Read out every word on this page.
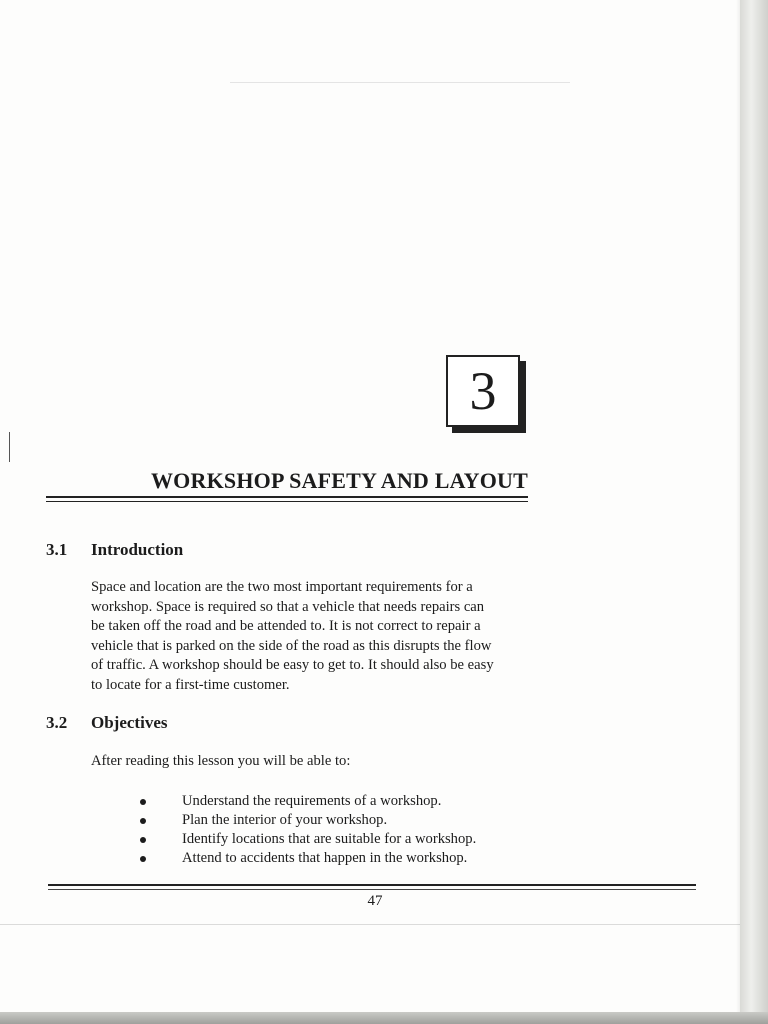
3
WORKSHOP SAFETY AND LAYOUT
3.1 Introduction
Space and location are the two most important requirements for a
workshop. Space is required so that a vehicle that needs repairs can
be taken off the road and be attended to. It is not correct to repair a
vehicle that is parked on the side of the road as this disrupts the flow
of traffic. A workshop should be easy to get to. It should also be easy
to locate for a first-time customer.
3.2 Objectives
After reading this lesson you will be able to:
Understand the requirements of a workshop.
Plan the interior of your workshop.
Identify locations that are suitable for a workshop.
Attend to accidents that happen in the workshop.
47
